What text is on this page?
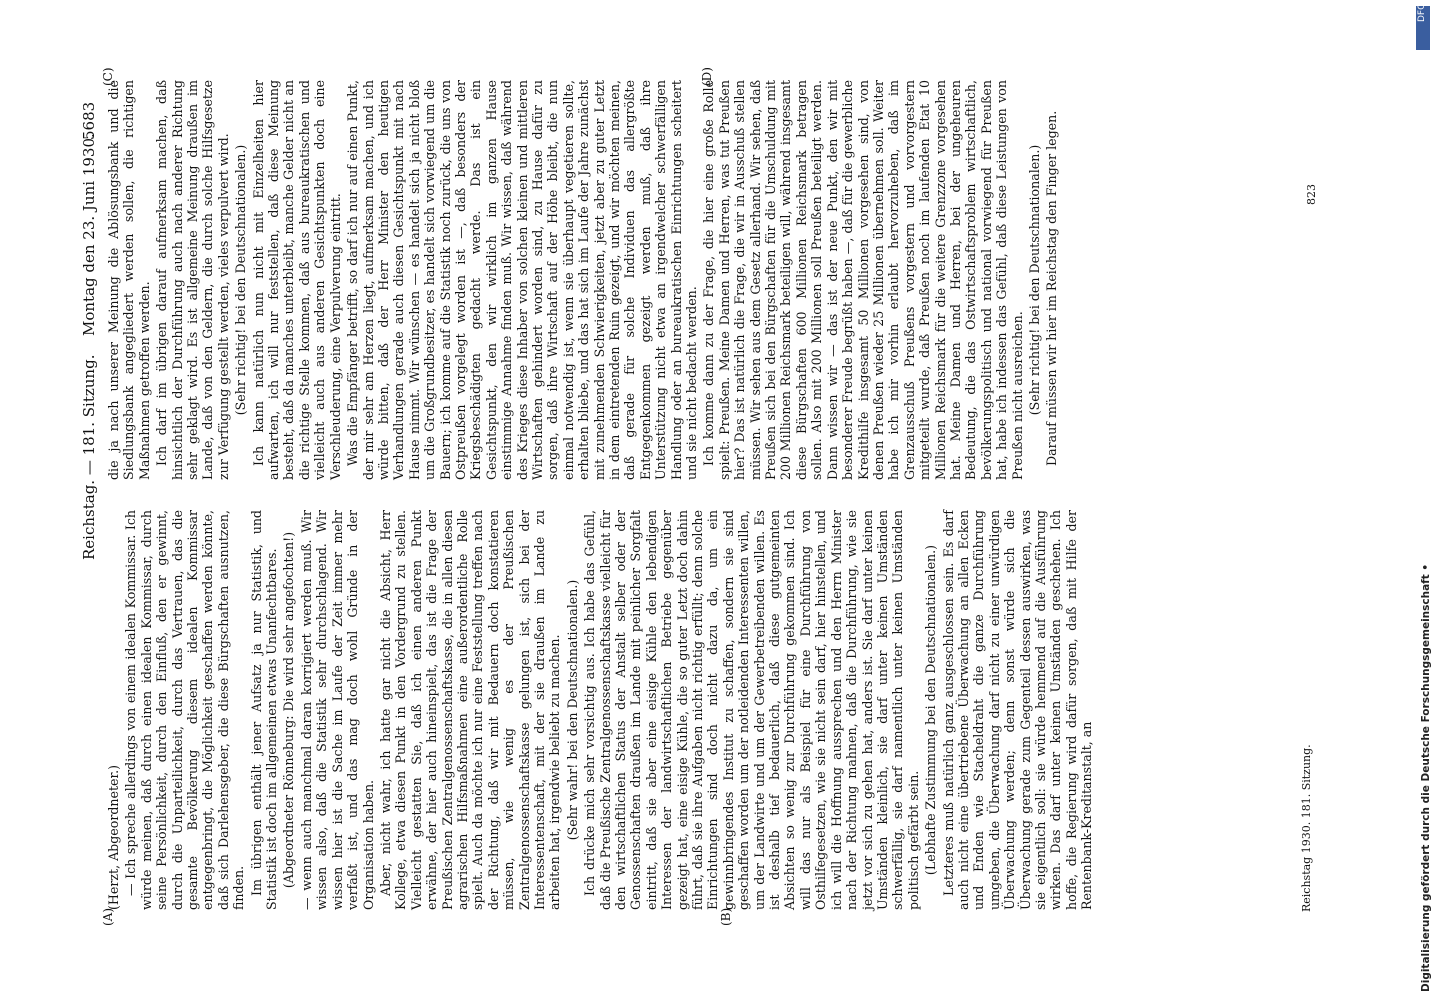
Reichstag. — 181. Sitzung.
Montag den 23. Juni 1930.
5683
(A)	(B)
(C)	(D)

(Herzt, Abgeordneter.) — Ich spreche allerdings von einem idealen Kommissar. Ich würde meinen, daß durch einen idealen Kommissar, durch seine Persönlichkeit, durch den Einfluß, den er gewinnt, durch die Unparteilichkeit, durch das Vertrauen, das die gesamte Bevölkerung diesem idealen Kommissar entgegenbringt, die Möglichkeit geschaffen werden könnte, daß sich Darlehensgeber, die diese Bürgschaften ausnutzen, finden. Im übrigen enthält jener Aufsatz ja nur Statistik, und Statistik ist doch im allgemeinen etwas Unanfechtbares. (Abgeordneter Rönneburg: Die wird sehr angefochten!) — wenn auch manchmal daran korrigiert werden muß. Wir wissen also, daß die Statistik sehr durchschlagend. Wir wissen hier ist die Sache im Laufe der Zeit immer mehr verfaßt ist, und das mag doch wohl Gründe in der Organisation haben. Aber, nicht wahr, ich hatte gar nicht die Absicht, Herr Kollege, etwa diesen Punkt in den Vordergrund zu stellen. Vielleicht gestatten Sie, daß ich einen anderen Punkt erwähne, der hier auch hineinspielt, das ist die Frage der Preußischen Zentralgenossenschaftskasse, die in allen diesen agrarischen Hilfsmaßnahmen eine außerordentliche Rolle spielt. Auch da möchte ich nur eine Feststellung treffen nach der Richtung, daß wir mit Bedauern doch konstatieren müssen, wie wenig es der Preußischen Zentralgenossenschaftskasse gelungen ist, sich bei der Interessentenschaft, mit der sie draußen im Lande zu arbeiten hat, irgendwie beliebt zu machen. (Sehr wahr! bei den Deutschnationalen.) Ich drücke mich sehr vorsichtig aus. Ich habe das Gefühl, daß die Preußische Zentralgenossenschaftskasse vielleicht für den wirtschaftlichen Status der Anstalt selber oder der Genossenschaften draußen im Lande mit peinlicher Sorgfalt eintritt, daß sie aber eine eisige Kühle den lebendigen Interessen der landwirtschaftlichen Betriebe gegenüber gezeigt hat, eine eisige Kühle, die so guter Letzt doch dahin führt, daß sie ihre Aufgaben nicht richtig erfüllt; denn solche Einrichtungen sind doch nicht dazu da, um ein gewinnbringendes Institut zu schaffen, sondern sie sind geschaffen worden um der notleidenden Interessenten willen, um der Landwirte und um der Gewerbetreibenden willen. Es ist deshalb tief bedauerlich, daß diese gutgemeinten Absichten so wenig zur Durchführung gekommen sind. Ich will das nur als Beispiel für eine Durchführung von Osthilfegesetzen, wie sie nicht sein darf, hier hinstellen, und ich will die Hoffnung aussprechen und den Herrn Minister nach der Richtung mahnen, daß die Durchführung, wie sie jetzt vor sich zu gehen hat, anders ist. Sie darf unter keinen Umständen kleinlich, sie darf unter keinen Umständen schwerfällig, sie darf namentlich unter keinen Umständen politisch gefärbt sein. (Lebhafte Zustimmung bei den Deutschnationalen.) Letzteres muß natürlich ganz ausgeschlossen sein. Es darf auch nicht eine übertriebene Überwachung an allen Ecken und Enden wie Stacheldraht die ganze Durchführung umgeben, die Überwachung darf nicht zu einer unwürdigen Überwachung werden; denn sonst würde sich die Überwachung gerade zum Gegenteil dessen auswirken, was sie eigentlich soll: sie würde hemmend auf die Ausführung wirken. Das darf unter keinen Umständen geschehen. Ich hoffe, die Regierung wird dafür sorgen, daß mit Hilfe der Rentenbank-Kreditanstalt, an

die ja nach unserer Meinung die Ablösungsbank und die Siedlungsbank angegliedert werden sollen, die richtigen Maßnahmen getroffen werden. Ich darf im übrigen darauf aufmerksam machen, daß hinsichtlich der Durchführung auch nach anderer Richtung sehr geklagt wird. Es ist allgemeine Meinung draußen im Lande, daß von den Geldern, die durch solche Hilfsgesetze zur Verfügung gestellt werden, vieles verpulvert wird. (Sehr richtig! bei den Deutschnationalen.) Ich kann natürlich nun nicht mit Einzelheiten hier aufwarten, ich will nur feststellen, daß diese Meinung besteht, daß da manches unterbleibt, manche Gelder nicht an die richtige Stelle kommen, daß aus bureaukratischen und vielleicht auch aus anderen Gesichtspunkten doch eine Verschleuderung, eine Verpulverung eintritt. Was die Empfänger betrifft, so darf ich nur auf einen Punkt, der mir sehr am Herzen liegt, aufmerksam machen, und ich würde bitten, daß der Herr Minister den heutigen Verhandlungen gerade auch diesen Gesichtspunkt mit nach Hause nimmt. Wir wünschen — es handelt sich ja nicht bloß um die Großgrundbesitzer, es handelt sich vorwiegend um die Bauern; ich komme auf die Statistik noch zurück, die uns von Ostpreußen vorgelegt worden ist —, daß besonders der Kriegsbeschädigten gedacht werde. Das ist ein Gesichtspunkt, den wir wirklich im ganzen Hause einstimmige Annahme finden muß. Wir wissen, daß während des Krieges diese Inhaber von solchen kleinen und mittleren Wirtschaften gehindert worden sind, zu Hause dafür zu sorgen, daß ihre Wirtschaft auf der Höhe bleibt, die nun einmal notwendig ist, wenn sie überhaupt vegetieren sollte, erhalten bliebe, und das hat sich im Laufe der Jahre zunächst mit zunehmenden Schwierigkeiten, jetzt aber zu guter Letzt in dem eintretenden Ruin gezeigt, und wir möchten meinen, daß gerade für solche Individuen das allergrößte Entgegenkommen gezeigt werden muß, daß ihre Unterstützung nicht etwa an irgendwelcher schwerfälligen Handlung oder an bureaukratischen Einrichtungen scheitert und sie nicht bedacht werden. Ich komme dann zu der Frage, die hier eine große Rolle spielt: Preußen. Meine Damen und Herren, was tut Preußen hier? Das ist natürlich die Frage, die wir in Ausschuß stellen müssen. Wir sehen aus dem Gesetz allerhand. Wir sehen, daß Preußen sich bei den Bürgschaften für die Umschuldung mit 200 Millionen Reichsmark beteiligen will, während insgesamt diese Bürgschaften 600 Millionen Reichsmark betragen sollen. Also mit 200 Millionen soll Preußen beteiligt werden. Dann wissen wir — das ist der neue Punkt, den wir mit besonderer Freude begrüßt haben —, daß für die gewerbliche Kredithilfe insgesamt 50 Millionen vorgesehen sind, von denen Preußen wieder 25 Millionen übernehmen soll. Weiter habe ich mir vorhin erlaubt hervorzuheben, daß im Grenzausschuß Preußens vorgestern und vorvorgestern mitgeteilt wurde, daß Preußen noch im laufenden Etat 10 Millionen Reichsmark für die weitere Grenzzone vorgesehen hat. Meine Damen und Herren, bei der ungeheuren Bedeutung, die das Ostwirtschaftsproblem wirtschaftlich, bevölkerungspolitisch und national vorwiegend für Preußen hat, habe ich indessen das Gefühl, daß diese Leistungen von Preußen nicht ausreichen. (Sehr richtig! bei den Deutschnationalen.) Darauf müssen wir hier im Reichstag den Finger legen.

Reichstag 1930. 181. Sitzung.
823
Digitalisierung gefördert durch die Deutsche Forschungsgemeinschaft •
DFG
